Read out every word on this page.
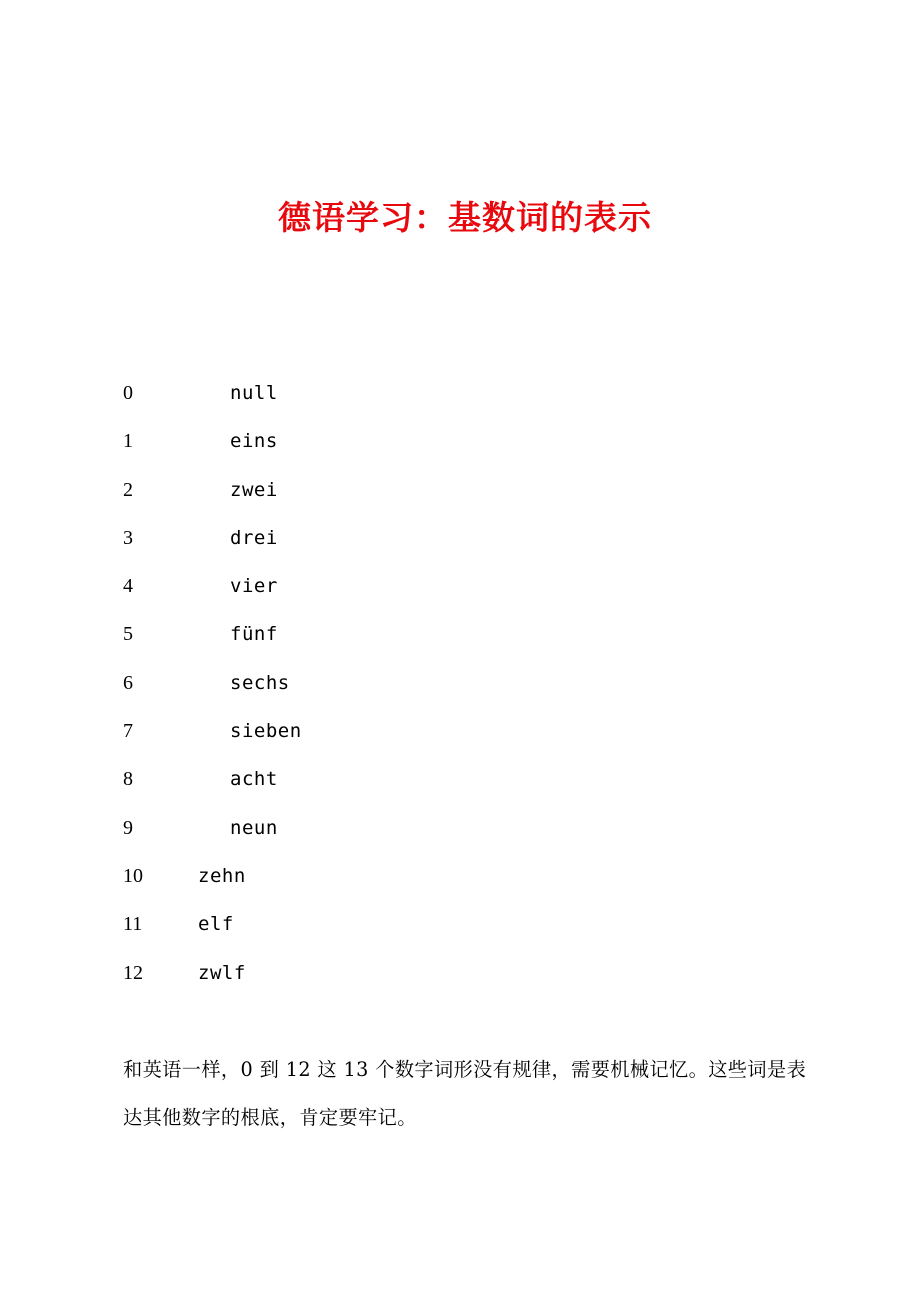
德语学习：基数词的表示
0	null
1	eins
2	zwei
3	drei
4	vier
5	fünf
6	sechs
7	sieben
8	acht
9	neun
10	zehn
11	elf
12	zwlf

和英语一样，0 到 12 这 13 个数字词形没有规律，需要机械记忆。这些词是表达其他数字的根底，肯定要牢记。
